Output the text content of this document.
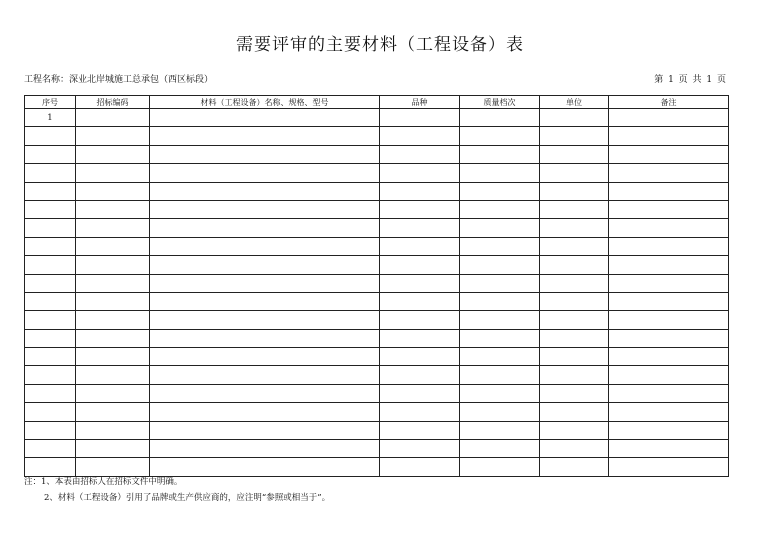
需要评审的主要材料（工程设备）表
工程名称：深业北岸城施工总承包（西区标段）	第 1 页 共 1 页
序号	招标编码	材料（工程设备）名称、规格、型号	品种	质量档次	单位	备注
1						

注：1、本表由招标人在招标文件中明确。
2、材料（工程设备）引用了品牌或生产供应商的，应注明“参照或相当于”。
